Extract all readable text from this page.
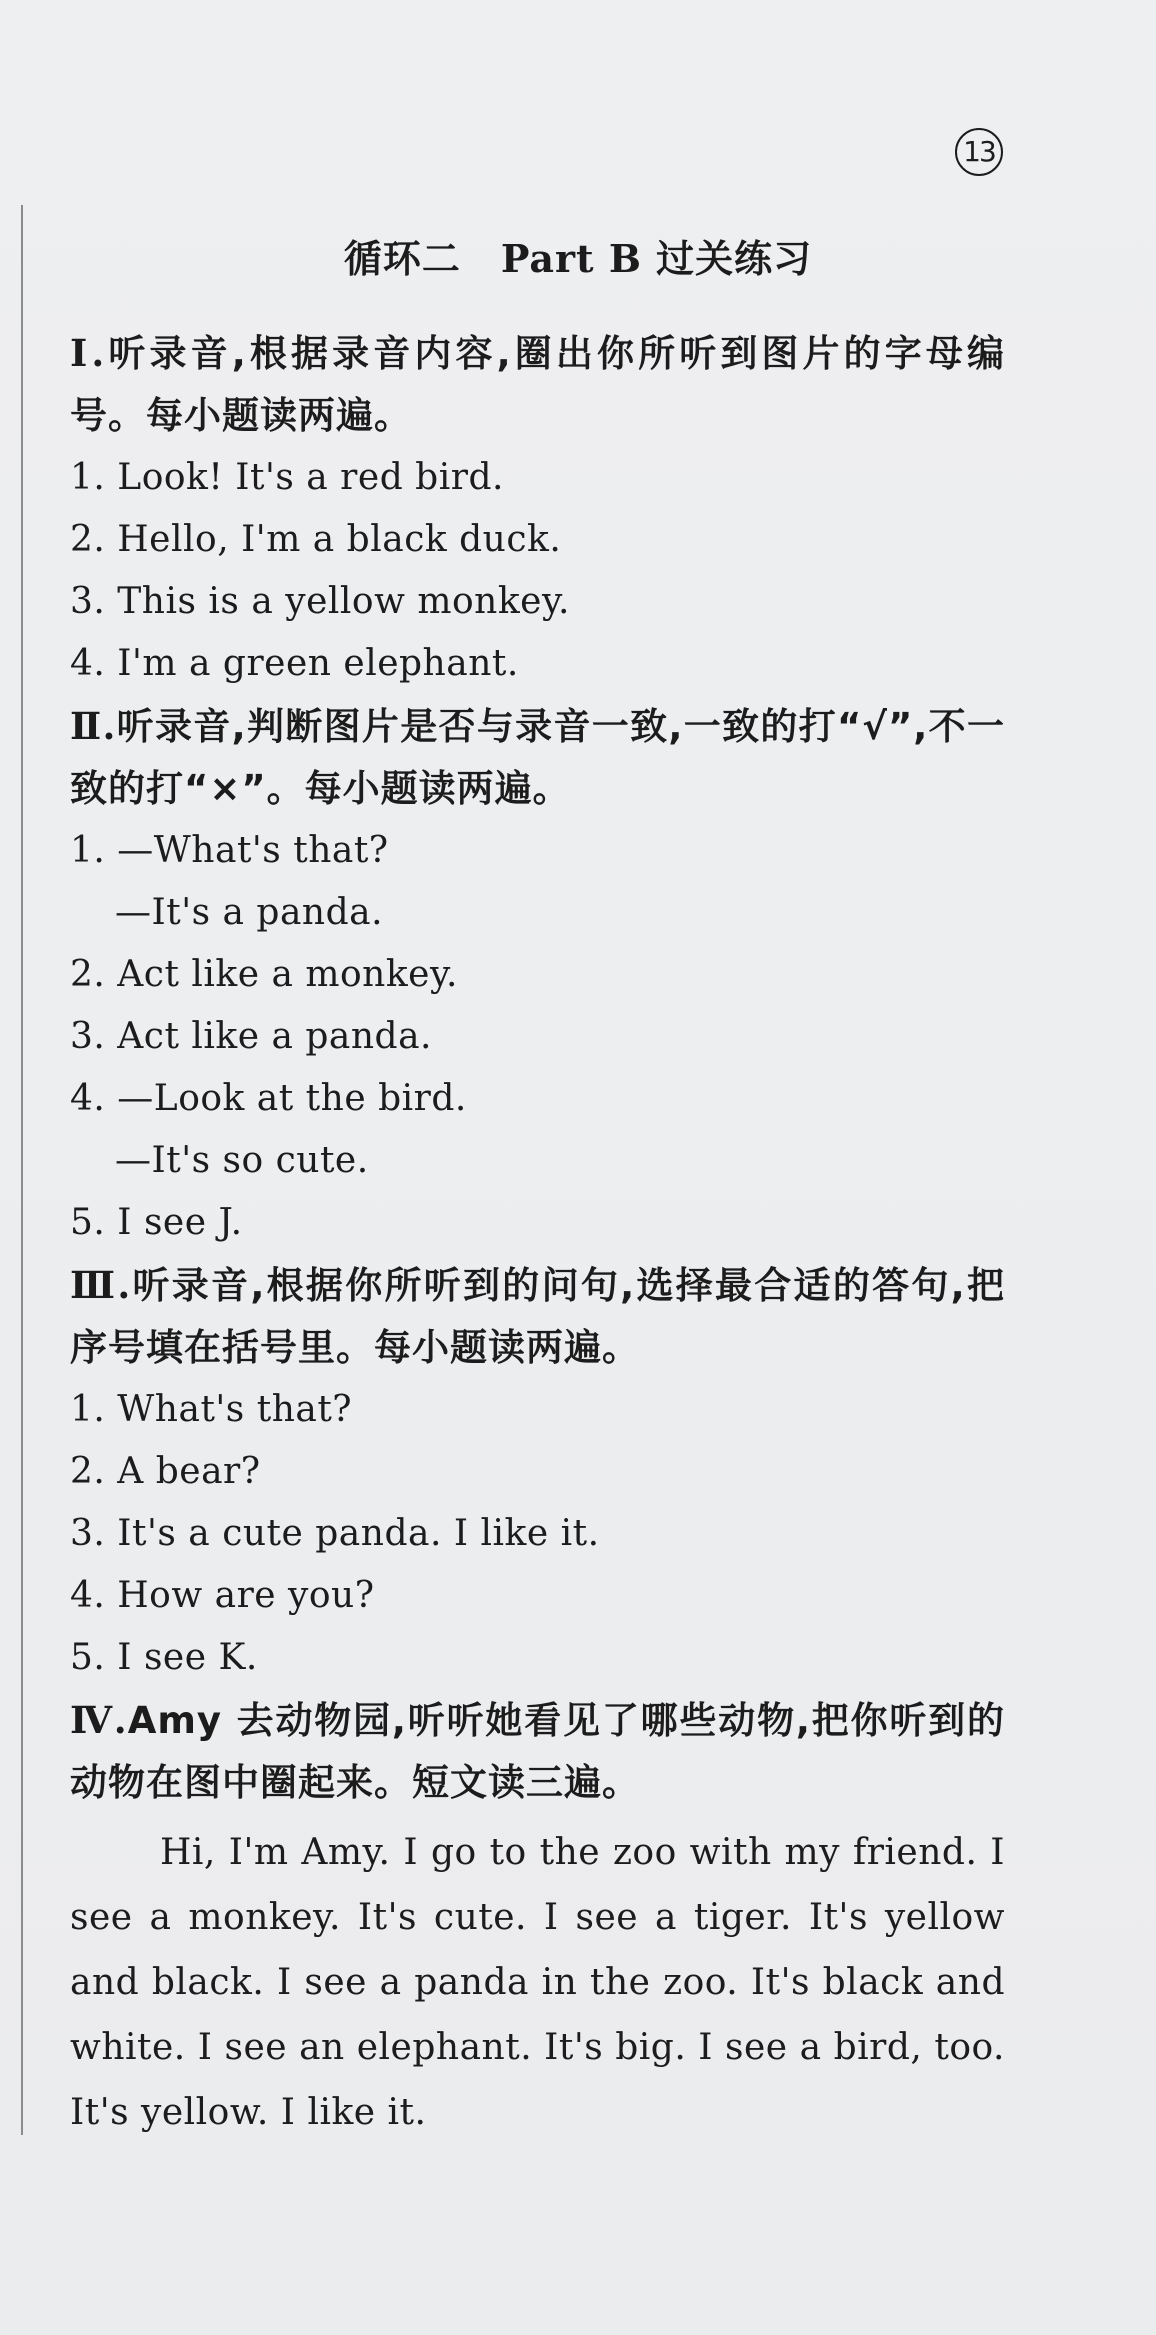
13
循环二 Part B 过关练习
Ⅰ.听录音,根据录音内容,圈出你所听到图片的字母编号。每小题读两遍。
1. Look! It's a red bird.
2. Hello, I'm a black duck.
3. This is a yellow monkey.
4. I'm a green elephant.
Ⅱ.听录音,判断图片是否与录音一致,一致的打“√”,不一致的打“×”。每小题读两遍。
1. —What's that?
—It's a panda.
2. Act like a monkey.
3. Act like a panda.
4. —Look at the bird.
—It's so cute.
5. I see J.
Ⅲ.听录音,根据你所听到的问句,选择最合适的答句,把序号填在括号里。每小题读两遍。
1. What's that?
2. A bear?
3. It's a cute panda. I like it.
4. How are you?
5. I see K.
Ⅳ.Amy 去动物园,听听她看见了哪些动物,把你听到的动物在图中圈起来。短文读三遍。
Hi, I'm Amy. I go to the zoo with my friend. I see a monkey. It's cute. I see a tiger. It's yellow and black. I see a panda in the zoo. It's black and white. I see an elephant. It's big. I see a bird, too. It's yellow. I like it.
